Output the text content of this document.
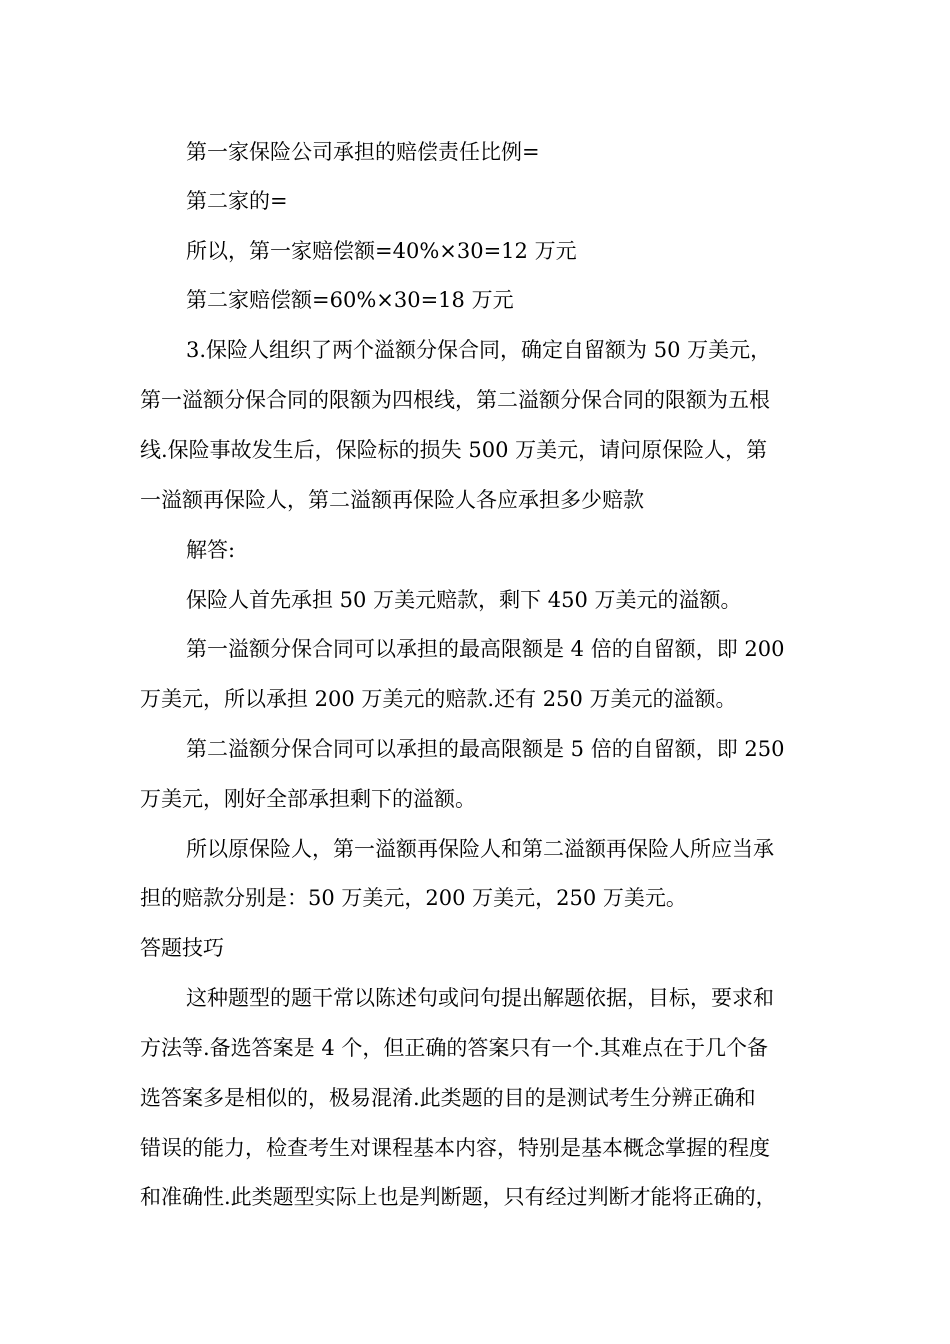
第一家保险公司承担的赔偿责任比例=
第二家的=
所以，第一家赔偿额=40%×30=12 万元
第二家赔偿额=60%×30=18 万元
3.保险人组织了两个溢额分保合同，确定自留额为 50 万美元，
第一溢额分保合同的限额为四根线，第二溢额分保合同的限额为五根
线.保险事故发生后，保险标的损失 500 万美元，请问原保险人，第
一溢额再保险人，第二溢额再保险人各应承担多少赔款
解答:
保险人首先承担 50 万美元赔款，剩下 450 万美元的溢额。
第一溢额分保合同可以承担的最高限额是 4 倍的自留额，即 200
万美元，所以承担 200 万美元的赔款.还有 250 万美元的溢额。
第二溢额分保合同可以承担的最高限额是 5 倍的自留额，即 250
万美元，刚好全部承担剩下的溢额。
所以原保险人，第一溢额再保险人和第二溢额再保险人所应当承
担的赔款分别是：50 万美元，200 万美元，250 万美元。
答题技巧
这种题型的题干常以陈述句或问句提出解题依据，目标，要求和
方法等.备选答案是 4 个，但正确的答案只有一个.其难点在于几个备
选答案多是相似的，极易混淆.此类题的目的是测试考生分辨正确和
错误的能力，检查考生对课程基本内容，特别是基本概念掌握的程度
和准确性.此类题型实际上也是判断题，只有经过判断才能将正确的，
